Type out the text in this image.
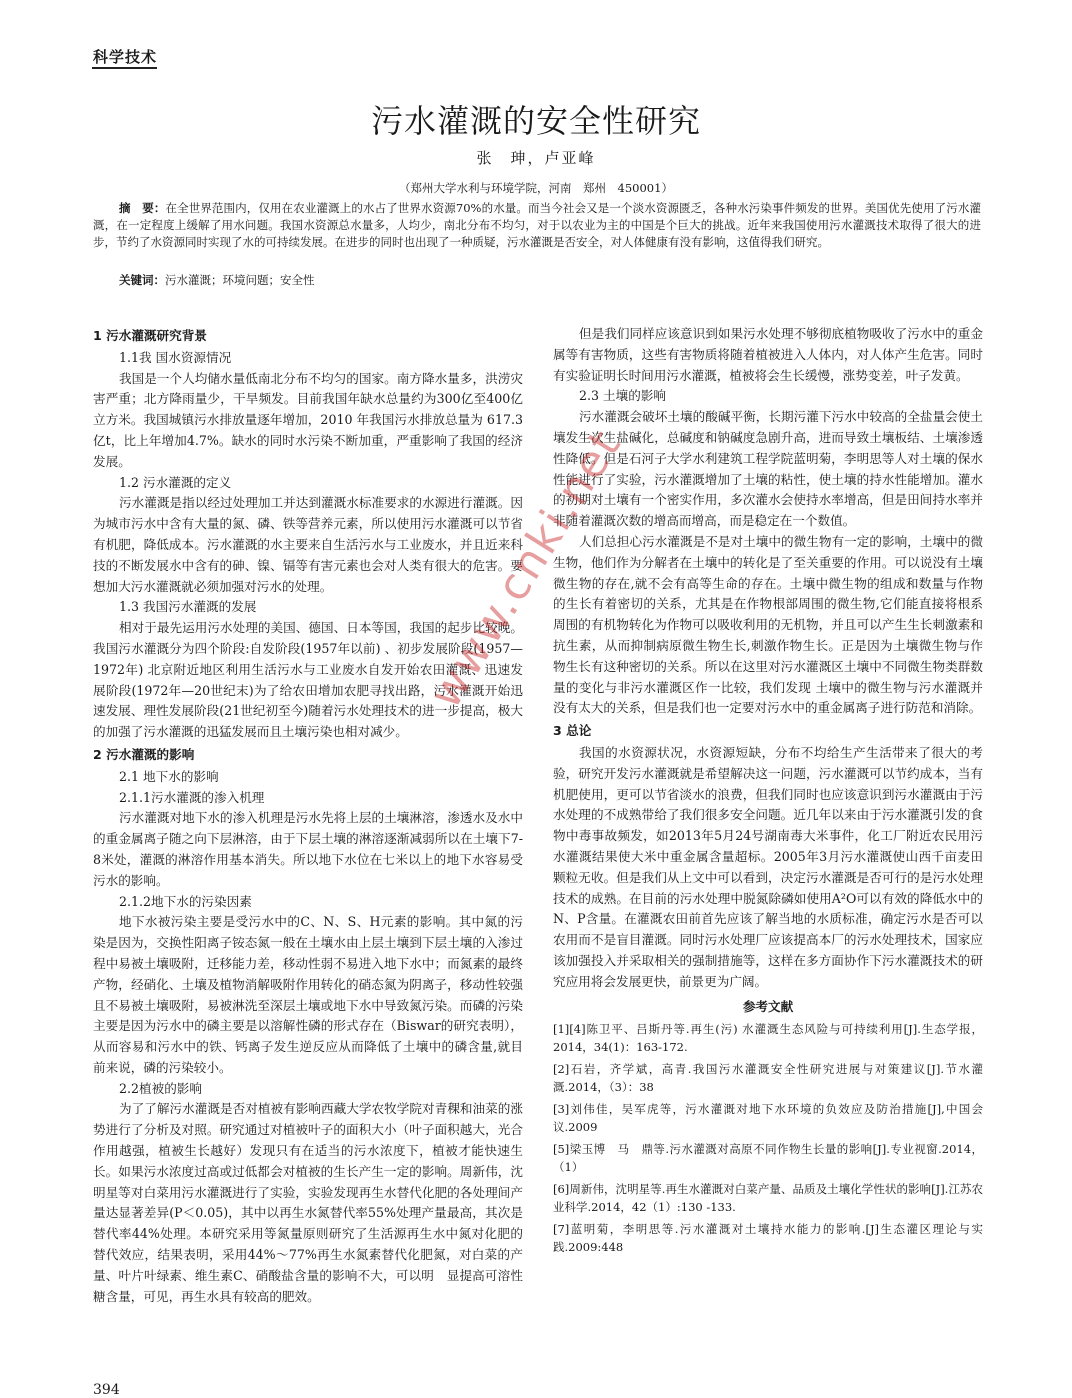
科学技术
污水灌溉的安全性研究
张　珅，卢亚峰
（郑州大学水利与环境学院，河南　郑州　450001）

摘　要：在全世界范围内，仅用在农业灌溉上的水占了世界水资源70%的水量。而当今社会又是一个淡水资源匮乏，各种水污染事件频发的世界。美国优先使用了污水灌溉，在一定程度上缓解了用水问题。我国水资源总水量多，人均少，南北分布不均匀，对于以农业为主的中国是个巨大的挑战。近年来我国使用污水灌溉技术取得了很大的进步，节约了水资源同时实现了水的可持续发展。在进步的同时也出现了一种质疑，污水灌溉是否安全，对人体健康有没有影响，这值得我们研究。

关键词：污水灌溉；环境问题；安全性
1 污水灌溉研究背景
1.1我 国水资源情况

我国是一个人均储水量低南北分布不均匀的国家。南方降水量多，洪涝灾害严重；北方降雨量少，干旱频发。目前我国年缺水总量约为300亿至400亿立方米。我国城镇污水排放量逐年增加，2010 年我国污水排放总量为 617.3亿t，比上年增加4.7%。缺水的同时水污染不断加重，严重影响了我国的经济发展。

1.2 污水灌溉的定义

污水灌溉是指以经过处理加工并达到灌溉水标准要求的水源进行灌溉。因为城市污水中含有大量的氮、磷、铁等营养元素，所以使用污水灌溉可以节省有机肥，降低成本。污水灌溉的水主要来自生活污水与工业废水，并且近来科技的不断发展水中含有的砷、镍、镉等有害元素也会对人类有很大的危害。要想加大污水灌溉就必须加强对污水的处理。

1.3 我国污水灌溉的发展

相对于最先运用污水处理的美国、德国、日本等国，我国的起步比较晚。我国污水灌溉分为四个阶段:自发阶段(1957年以前) 、初步发展阶段(1957—1972年) 北京附近地区利用生活污水与工业废水自发开始农田灌溉、迅速发展阶段(1972年—20世纪末)为了给农田增加农肥寻找出路，污水灌溉开始迅速发展、理性发展阶段(21世纪初至今)随着污水处理技术的进一步提高，极大的加强了污水灌溉的迅猛发展而且土壤污染也相对减少。

2 污水灌溉的影响
2.1 地下水的影响
2.1.1污水灌溉的渗入机理

污水灌溉对地下水的渗入机理是污水先将上层的土壤淋溶，渗透水及水中的重金属离子随之向下层淋溶，由于下层土壤的淋溶逐渐减弱所以在土壤下7-8米处，灌溉的淋溶作用基本消失。所以地下水位在七米以上的地下水容易受污水的影响。

2.1.2地下水的污染因素

地下水被污染主要是受污水中的C、N、S、H元素的影响。其中氮的污染是因为，交换性阳离子铵态氮一般在土壤水由上层土壤到下层土壤的入渗过程中易被土壤吸附，迁移能力差，移动性弱不易进入地下水中；而氮素的最终产物，经硝化、土壤及植物消解吸附作用转化的硝态氮为阴离子，移动性较强且不易被土壤吸附，易被淋洗至深层土壤或地下水中导致氮污染。而磷的污染主要是因为污水中的磷主要是以溶解性磷的形式存在（Biswar的研究表明），从而容易和污水中的铁、钙离子发生逆反应从而降低了土壤中的磷含量,就目前来说，磷的污染较小。

2.2植被的影响

为了了解污水灌溉是否对植被有影响西藏大学农牧学院对青稞和油菜的涨势进行了分析及对照。研究通过对植被叶子的面积大小（叶子面积越大，光合作用越强，植被生长越好）发现只有在适当的污水浓度下，植被才能快速生长。如果污水浓度过高或过低都会对植被的生长产生一定的影响。周新伟，沈明星等对白菜用污水灌溉进行了实验，实验发现再生水替代化肥的各处理间产量达显著差异(P＜0.05)，其中以再生水氮替代率55%处理产量最高，其次是替代率44%处理。本研究采用等氮量原则研究了生活源再生水中氮对化肥的替代效应，结果表明，采用44%～77%再生水氮素替代化肥氮，对白菜的产量、叶片叶绿素、维生素C、硝酸盐含量的影响不大，可以明　显提高可溶性糖含量，可见，再生水具有较高的肥效。

但是我们同样应该意识到如果污水处理不够彻底植物吸收了污水中的重金属等有害物质，这些有害物质将随着植被进入人体内，对人体产生危害。同时有实验证明长时间用污水灌溉，植被将会生长缓慢，涨势变差，叶子发黄。

2.3 土壤的影响

污水灌溉会破坏土壤的酸碱平衡，长期污灌下污水中较高的全盐量会使土壤发生次生盐碱化，总碱度和钠碱度急剧升高，进而导致土壤板结、土壤渗透性降低。但是石河子大学水利建筑工程学院蓝明菊，李明思等人对土壤的保水性能进行了实验，污水灌溉增加了土壤的粘性，使土壤的持水性能增加。灌水的初期对土壤有一个密实作用，多次灌水会使持水率增高，但是田间持水率并非随着灌溉次数的增高而增高，而是稳定在一个数值。

人们总担心污水灌溉是不是对土壤中的微生物有一定的影响，土壤中的微生物，他们作为分解者在土壤中的转化是了至关重要的作用。可以说没有土壤微生物的存在,就不会有高等生命的存在。土壤中微生物的组成和数量与作物的生长有着密切的关系，尤其是在作物根部周围的微生物,它们能直接将根系周围的有机物转化为作物可以吸收利用的无机物，并且可以产生生长刺激素和抗生素，从而抑制病原微生物生长,刺激作物生长。正是因为土壤微生物与作物生长有这种密切的关系。所以在这里对污水灌溉区土壤中不同微生物类群数量的变化与非污水灌溉区作一比较，我们发现 土壤中的微生物与污水灌溉并没有太大的关系，但是我们也一定要对污水中的重金属离子进行防范和消除。

3 总论

我国的水资源状况，水资源短缺，分布不均给生产生活带来了很大的考验，研究开发污水灌溉就是希望解决这一问题，污水灌溉可以节约成本，当有机肥使用，更可以节省淡水的浪费，但我们同时也应该意识到污水灌溉由于污水处理的不成熟带给了我们很多安全问题。近几年以来由于污水灌溉引发的食物中毒事故频发，如2013年5月24号湖南毒大米事件，化工厂附近农民用污水灌溉结果使大米中重金属含量超标。2005年3月污水灌溉使山西千亩麦田颗粒无收。但是我们从上文中可以看到，决定污水灌溉是否可行的是污水处理技术的成熟。在目前的污水处理中脱氮除磷如使用A²O可以有效的降低水中的N、P含量。在灌溉农田前首先应该了解当地的水质标准，确定污水是否可以农用而不是盲目灌溉。同时污水处理厂应该提高本厂的污水处理技术，国家应该加强投入并采取相关的强制措施等，这样在多方面协作下污水灌溉技术的研究应用将会发展更快，前景更为广阔。

参考文献

[1][4]陈卫平、吕斯丹等.再生(污) 水灌溉生态风险与可持续利用[J].生态学报，2014，34(1)：163-172.

[2]石岩，齐学斌，高青.我国污水灌溉安全性研究进展与对策建议[J].节水灌溉.2014，（3）：38

[3]刘伟佳，吴军虎等，污水灌溉对地下水环境的负效应及防治措施[J],中国会议.2009

[5]梁玉博　马　鼎等.污水灌溉对高原不同作物生长量的影响[J].专业视窗.2014，（1）

[6]周新伟，沈明星等.再生水灌溉对白菜产量、品质及土壤化学性状的影响[J].江苏农业科学.2014，42（1）:130 -133.

[7]蓝明菊，李明思等.污水灌溉对土壤持水能力的影响.[J]生态灌区理论与实践.2009:448

www.cnki.net
394
